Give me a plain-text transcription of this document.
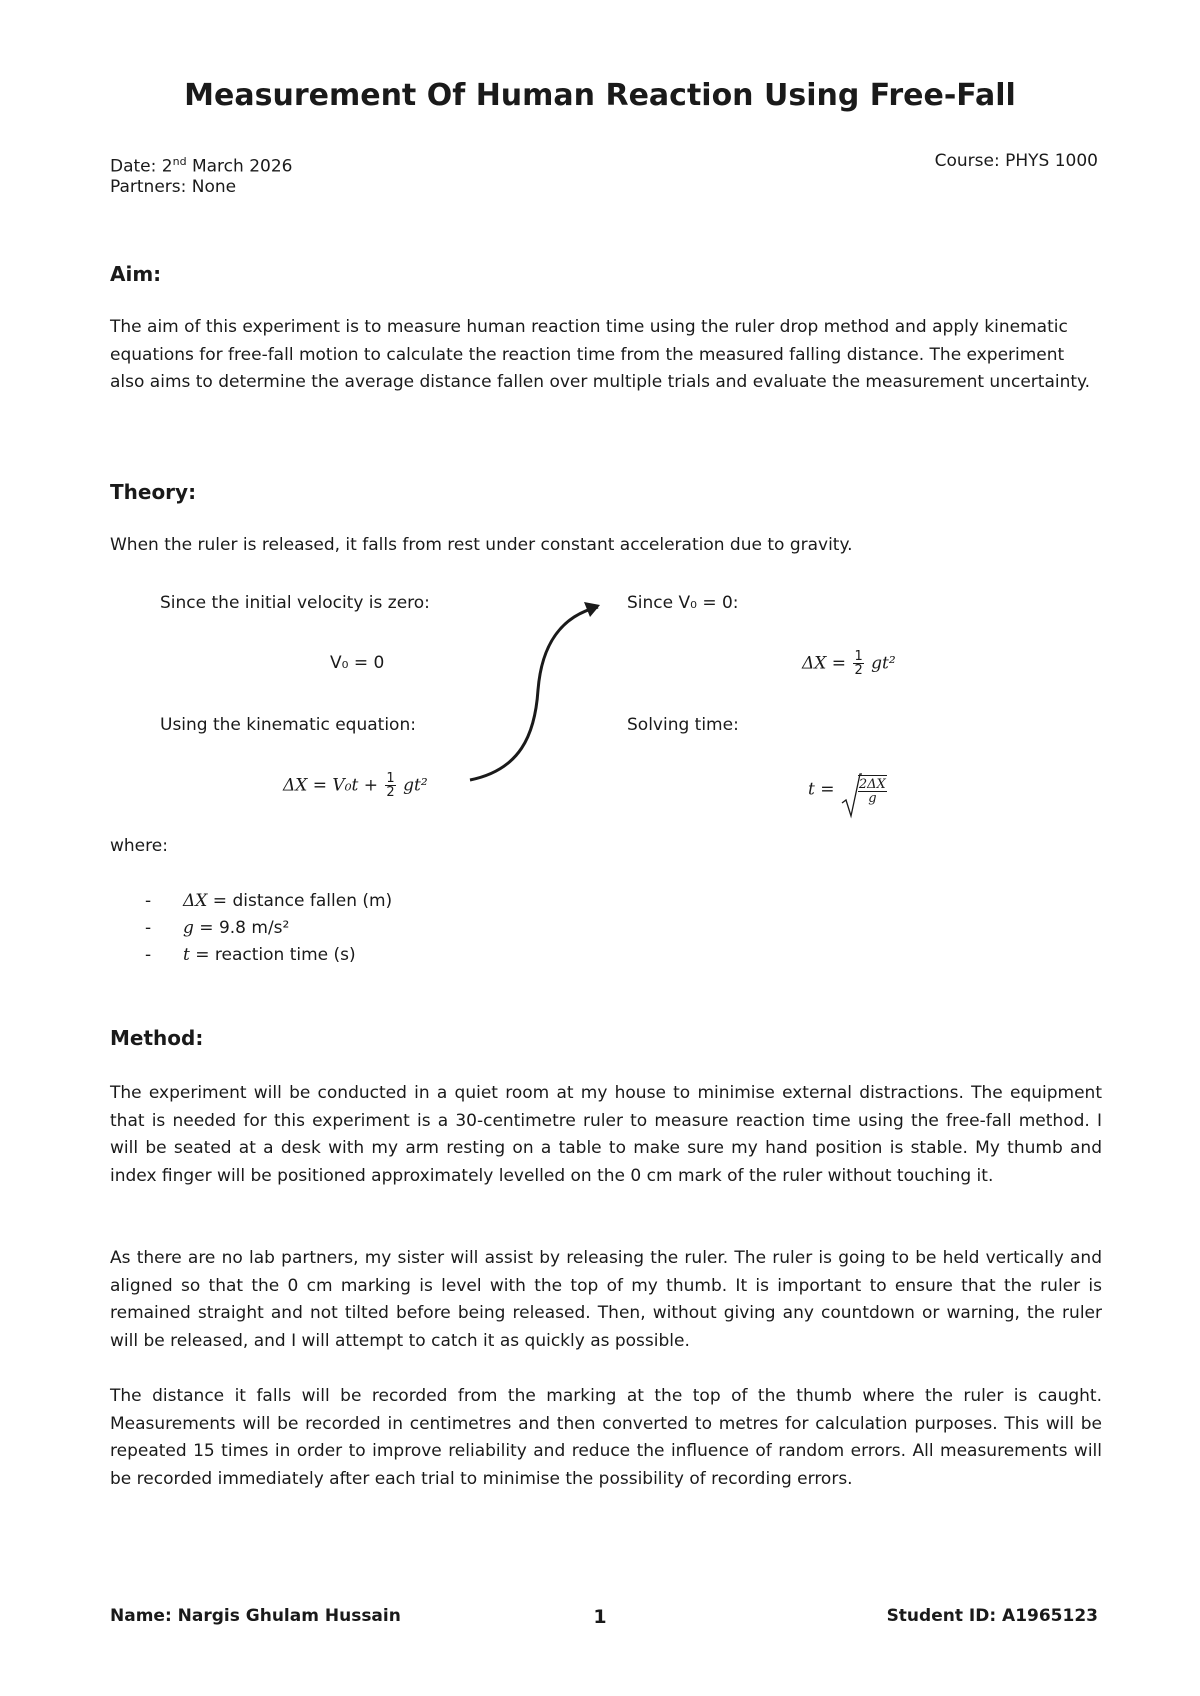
Measurement Of Human Reaction Using Free-Fall
Date: 2nd March 2026
Partners: None
Course: PHYS 1000
Aim:
The aim of this experiment is to measure human reaction time using the ruler drop method and apply kinematic equations for free-fall motion to calculate the reaction time from the measured falling distance. The experiment also aims to determine the average distance fallen over multiple trials and evaluate the measurement uncertainty.
Theory:
When the ruler is released, it falls from rest under constant acceleration due to gravity.
Since the initial velocity is zero:
V₀ = 0
Using the kinematic equation:
$\Delta X = V_0t + \frac{1}{2} gt^2$
Since V₀ = 0:
$\Delta X = \frac{1}{2} gt^2$
Solving time:
$t = \frac{2\Delta X}{g}$
where:
- ΔX = distance fallen (m)
- g = 9.8 m/s²
- t = reaction time (s)
Method:
The experiment will be conducted in a quiet room at my house to minimise external distractions. The equipment that is needed for this experiment is a 30-centimetre ruler to measure reaction time using the free-fall method. I will be seated at a desk with my arm resting on a table to make sure my hand position is stable. My thumb and index finger will be positioned approximately levelled on the 0 cm mark of the ruler without touching it.
As there are no lab partners, my sister will assist by releasing the ruler. The ruler is going to be held vertically and aligned so that the 0 cm marking is level with the top of my thumb. It is important to ensure that the ruler is remained straight and not tilted before being released. Then, without giving any countdown or warning, the ruler will be released, and I will attempt to catch it as quickly as possible.
The distance it falls will be recorded from the marking at the top of the thumb where the ruler is caught. Measurements will be recorded in centimetres and then converted to metres for calculation purposes. This will be repeated 15 times in order to improve reliability and reduce the influence of random errors. All measurements will be recorded immediately after each trial to minimise the possibility of recording errors.
Name: Nargis Ghulam Hussain	1	Student ID: A1965123
